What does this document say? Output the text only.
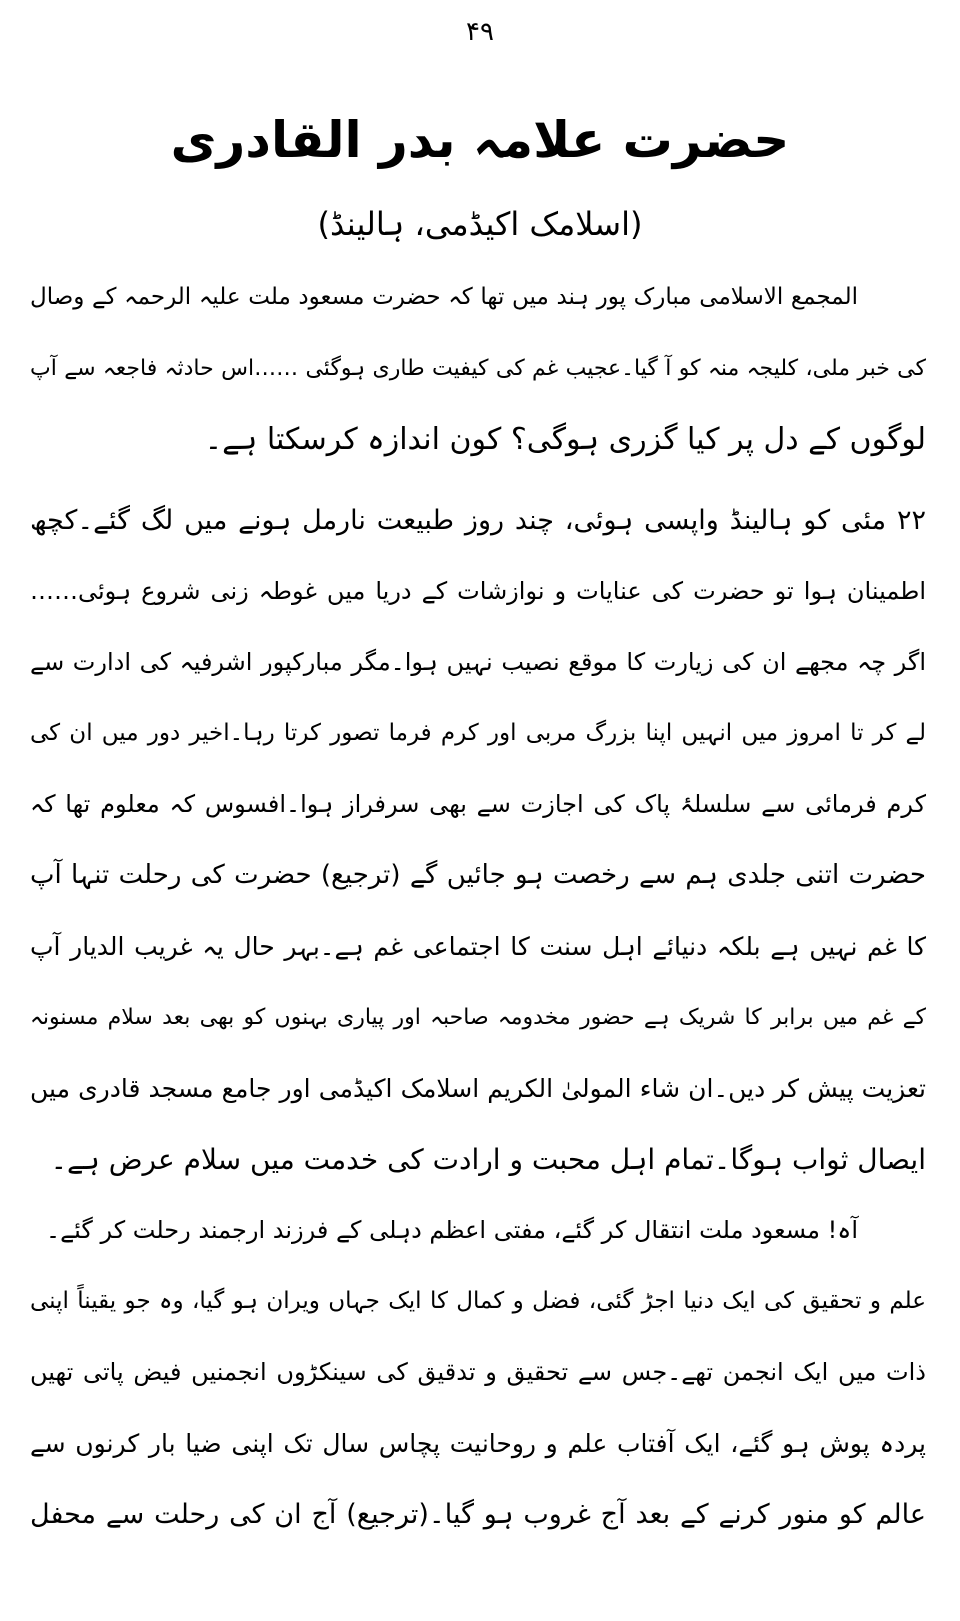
۴۹
حضرت علامہ بدر القادری
(اسلامک اکیڈمی، ہالینڈ)
المجمع الاسلامی مبارک پور ہند میں تھا کہ حضرت مسعود ملت علیہ الرحمہ کے وصال
کی خبر ملی، کلیجہ منہ کو آ گیا۔عجیب غم کی کیفیت طاری ہوگئی ……اس حادثہ فاجعہ سے آپ
لوگوں کے دل پر کیا گزری ہوگی؟ کون اندازہ کرسکتا ہے۔
۲۲ مئی کو ہالینڈ واپسی ہوئی، چند روز طبیعت نارمل ہونے میں لگ گئے۔کچھ
اطمینان ہوا تو حضرت کی عنایات و نوازشات کے دریا میں غوطہ زنی شروع ہوئی……
اگر چہ مجھے ان کی زیارت کا موقع نصیب نہیں ہوا۔مگر مبارکپور اشرفیہ کی ادارت سے
لے کر تا امروز میں انہیں اپنا بزرگ مربی اور کرم فرما تصور کرتا رہا۔اخیر دور میں ان کی
کرم فرمائی سے سلسلۂ پاک کی اجازت سے بھی سرفراز ہوا۔افسوس کہ معلوم تھا کہ
حضرت اتنی جلدی ہم سے رخصت ہو جائیں گے (ترجیع) حضرت کی رحلت تنہا آپ
کا غم نہیں ہے بلکہ دنیائے اہل سنت کا اجتماعی غم ہے۔بہر حال یہ غریب الدیار آپ
کے غم میں برابر کا شریک ہے حضور مخدومہ صاحبہ اور پیاری بہنوں کو بھی بعد سلام مسنونہ
تعزیت پیش کر دیں۔ان شاء المولیٰ الکریم اسلامک اکیڈمی اور جامع مسجد قادری میں
ایصال ثواب ہوگا۔تمام اہل محبت و ارادت کی خدمت میں سلام عرض ہے۔
آہ! مسعود ملت انتقال کر گئے، مفتی اعظم دہلی کے فرزند ارجمند رحلت کر گئے۔
علم و تحقیق کی ایک دنیا اجڑ گئی، فضل و کمال کا ایک جہاں ویران ہو گیا، وہ جو یقیناً اپنی
ذات میں ایک انجمن تھے۔جس سے تحقیق و تدقیق کی سینکڑوں انجمنیں فیض پاتی تھیں
پردہ پوش ہو گئے، ایک آفتاب علم و روحانیت پچاس سال تک اپنی ضیا بار کرنوں سے
عالم کو منور کرنے کے بعد آج غروب ہو گیا۔(ترجیع) آج ان کی رحلت سے محفل
